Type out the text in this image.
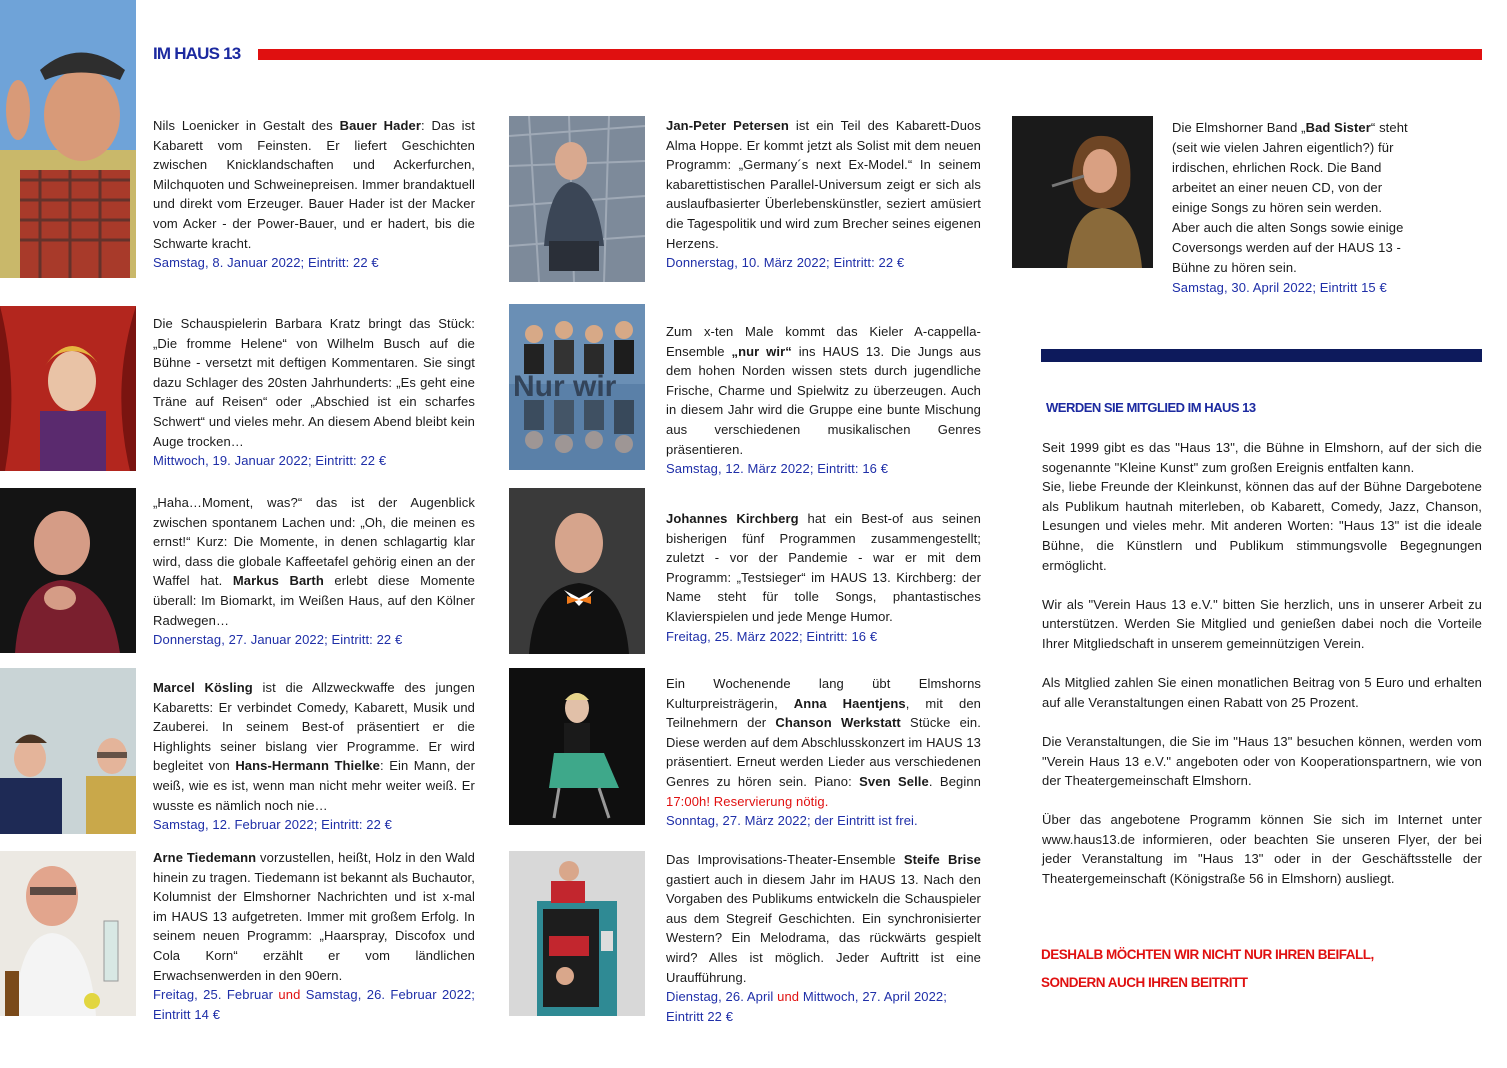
IM HAUS 13

Nils Loenicker in Gestalt des Bauer Hader: Das ist Kabarett vom Feinsten. Er liefert Geschichten zwischen Knicklandschaften und Ackerfurchen, Milchquoten und Schweinepreisen. Immer brandaktuell und direkt vom Erzeuger. Bauer Hader ist der Macker vom Acker - der Power-Bauer, und er hadert, bis die Schwarte kracht.

Samstag, 8. Januar 2022; Eintritt: 22 €

Die Schauspielerin Barbara Kratz bringt das Stück: „Die fromme Helene“ von Wilhelm Busch auf die Bühne - versetzt mit deftigen Kommentaren. Sie singt dazu Schlager des 20sten Jahrhunderts: „Es geht eine Träne auf Reisen“ oder „Abschied ist ein scharfes Schwert“ und vieles mehr. An diesem Abend bleibt kein Auge trocken…

Mittwoch, 19. Januar 2022; Eintritt: 22 €

„Haha…Moment, was?“ das ist der Augenblick zwischen spontanem Lachen und: „Oh, die meinen es ernst!“ Kurz: Die Momente, in denen schlagartig klar wird, dass die globale Kaffeetafel gehörig einen an der Waffel hat. Markus Barth erlebt diese Momente überall: Im Biomarkt, im Weißen Haus, auf den Kölner Radwegen…

Donnerstag, 27. Januar 2022; Eintritt: 22 €

Marcel Kösling ist die Allzweckwaffe des jungen Kabaretts: Er verbindet Comedy, Kabarett, Musik und Zauberei. In seinem Best-of präsentiert er die Highlights seiner bislang vier Programme. Er wird begleitet von Hans-Hermann Thielke: Ein Mann, der weiß, wie es ist, wenn man nicht mehr weiter weiß. Er wusste es nämlich noch nie…

Samstag, 12. Februar 2022; Eintritt: 22 €

Arne Tiedemann vorzustellen, heißt, Holz in den Wald hinein zu tragen. Tiedemann ist bekannt als Buchautor, Kolumnist der Elmshorner Nachrichten und ist x-mal im HAUS 13 aufgetreten. Immer mit großem Erfolg. In seinem neuen Programm: „Haarspray, Discofox und Cola Korn“ erzählt er vom ländlichen Erwachsenwerden in den 90ern.

Freitag, 25. Februar und Samstag, 26. Februar 2022; Eintritt 14 €

Nur wir

Jan-Peter Petersen ist ein Teil des Kabarett-Duos Alma Hoppe. Er kommt jetzt als Solist mit dem neuen Programm: „Germany´s next Ex-Model.“ In seinem kabarettistischen Parallel-Universum zeigt er sich als auslaufbasierter Überlebenskünstler, seziert amüsiert die Tagespolitik und wird zum Brecher seines eigenen Herzens.

Donnerstag, 10. März 2022; Eintritt: 22 €

Zum x-ten Male kommt das Kieler A-cappella-Ensemble „nur wir“ ins HAUS 13. Die Jungs aus dem hohen Norden wissen stets durch jugendliche Frische, Charme und Spielwitz zu überzeugen. Auch in diesem Jahr wird die Gruppe eine bunte Mischung aus verschiedenen musikalischen Genres präsentieren.

Samstag, 12. März 2022; Eintritt: 16 €

Johannes Kirchberg hat ein Best-of aus seinen bisherigen fünf Programmen zusammengestellt; zuletzt - vor der Pandemie - war er mit dem Programm: „Testsieger“ im HAUS 13. Kirchberg: der Name steht für tolle Songs, phantastisches Klavierspielen und jede Menge Humor.

Freitag, 25. März 2022; Eintritt: 16 €

Ein Wochenende lang übt Elmshorns Kulturpreisträgerin, Anna Haentjens, mit den Teilnehmern der Chanson Werkstatt Stücke ein. Diese werden auf dem Abschlusskonzert im HAUS 13 präsentiert. Erneut werden Lieder aus verschiedenen Genres zu hören sein. Piano: Sven Selle. Beginn 17:00h! Reservierung nötig.

Sonntag, 27. März 2022; der Eintritt ist frei.

Das Improvisations-Theater-Ensemble Steife Brise gastiert auch in diesem Jahr im HAUS 13. Nach den Vorgaben des Publikums entwickeln die Schauspieler aus dem Stegreif Geschichten. Ein synchronisierter Western? Ein Melodrama, das rückwärts gespielt wird? Alles ist möglich. Jeder Auftritt ist eine Uraufführung.

Dienstag, 26. April und Mittwoch, 27. April 2022;
Eintritt 22 €

Die Elmshorner Band „Bad Sister“ steht (seit wie vielen Jahren eigentlich?) für irdischen, ehrlichen Rock. Die Band arbeitet an einer neuen CD, von der einige Songs zu hören sein werden. Aber auch die alten Songs sowie einige Coversongs werden auf der HAUS 13 - Bühne zu hören sein.

Samstag, 30. April 2022; Eintritt 15 €

WERDEN SIE MITGLIED IM HAUS 13

Seit 1999 gibt es das "Haus 13", die Bühne in Elmshorn, auf der sich die sogenannte "Kleine Kunst" zum großen Ereignis entfalten kann.

Sie, liebe Freunde der Kleinkunst, können das auf der Bühne Dargebotene als Publikum hautnah miterleben, ob Kabarett, Comedy, Jazz, Chanson, Lesungen und vieles mehr. Mit anderen Worten: "Haus 13" ist die ideale Bühne, die Künstlern und Publikum stimmungsvolle Begegnungen ermöglicht.

Wir als "Verein Haus 13 e.V." bitten Sie herzlich, uns in unserer Arbeit zu unterstützen. Werden Sie Mitglied und genießen dabei noch die Vorteile Ihrer Mitgliedschaft in unserem gemeinnützigen Verein.

Als Mitglied zahlen Sie einen monatlichen Beitrag von 5 Euro und erhalten auf alle Veranstaltungen einen Rabatt von 25 Prozent.

Die Veranstaltungen, die Sie im "Haus 13" besuchen können, werden vom "Verein Haus 13 e.V." angeboten oder von Kooperationspartnern, wie von der Theatergemeinschaft Elmshorn.

Über das angebotene Programm können Sie sich im Internet unter www.haus13.de informieren, oder beachten Sie unseren Flyer, der bei jeder Veranstaltung im "Haus 13" oder in der Geschäftsstelle der Theatergemeinschaft (Königstraße 56 in Elmshorn) ausliegt.

DESHALB MÖCHTEN WIR NICHT NUR IHREN BEIFALL,
SONDERN AUCH IHREN BEITRITT
